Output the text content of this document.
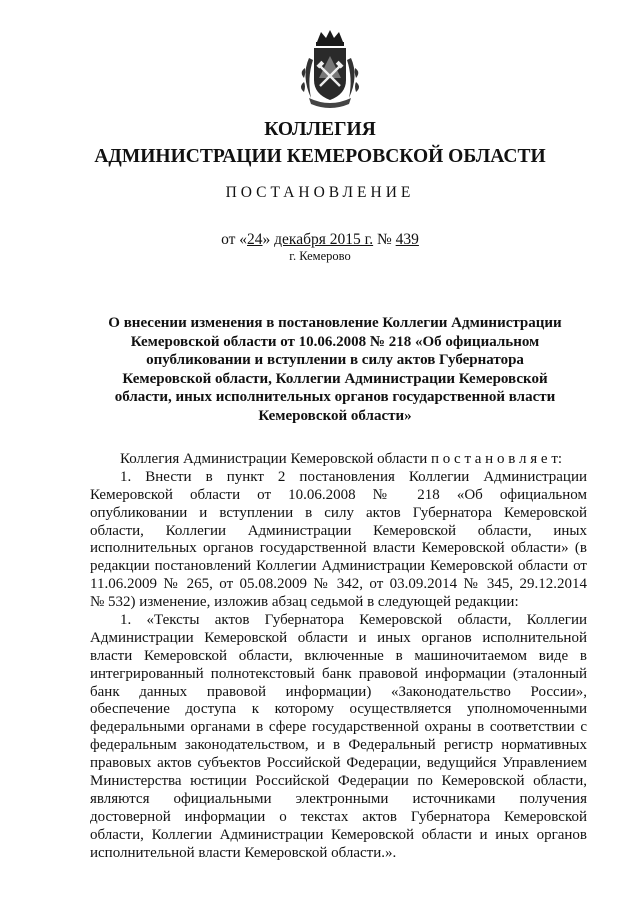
КОЛЛЕГИЯ
АДМИНИСТРАЦИИ КЕМЕРОВСКОЙ ОБЛАСТИ
ПОСТАНОВЛЕНИЕ
от «24» декабря 2015 г. № 439
г. Кемерово
О внесении изменения в постановление Коллегии Администрации
Кемеровской области от 10.06.2008 № 218 «Об официальном
опубликовании и вступлении в силу актов Губернатора
Кемеровской области, Коллегии Администрации Кемеровской
области, иных исполнительных органов государственной власти
Кемеровской области»
Коллегия Администрации Кемеровской области п о с т а н о в л я е т:
1. Внести в пункт 2 постановления Коллегии Администрации
Кемеровской области от 10.06.2008 № 218 «Об официальном
опубликовании и вступлении в силу актов Губернатора Кемеровской
области, Коллегии Администрации Кемеровской области, иных
исполнительных органов государственной власти Кемеровской области» (в
редакции постановлений Коллегии Администрации Кемеровской области от
11.06.2009 № 265, от 05.08.2009 № 342, от 03.09.2014 № 345, 29.12.2014
№ 532) изменение, изложив абзац седьмой в следующей редакции:
1. «Тексты актов Губернатора Кемеровской области, Коллегии
Администрации Кемеровской области и иных органов исполнительной
власти Кемеровской области, включенные в машиночитаемом виде в
интегрированный полнотекстовый банк правовой информации (эталонный
банк данных правовой информации) «Законодательство России»,
обеспечение доступа к которому осуществляется уполномоченными
федеральными органами в сфере государственной охраны в соответствии с
федеральным законодательством, и в Федеральный регистр нормативных
правовых актов субъектов Российской Федерации, ведущийся Управлением
Министерства юстиции Российской Федерации по Кемеровской области,
являются официальными электронными источниками получения
достоверной информации о текстах актов Губернатора Кемеровской
области, Коллегии Администрации Кемеровской области и иных органов
исполнительной власти Кемеровской области.».
